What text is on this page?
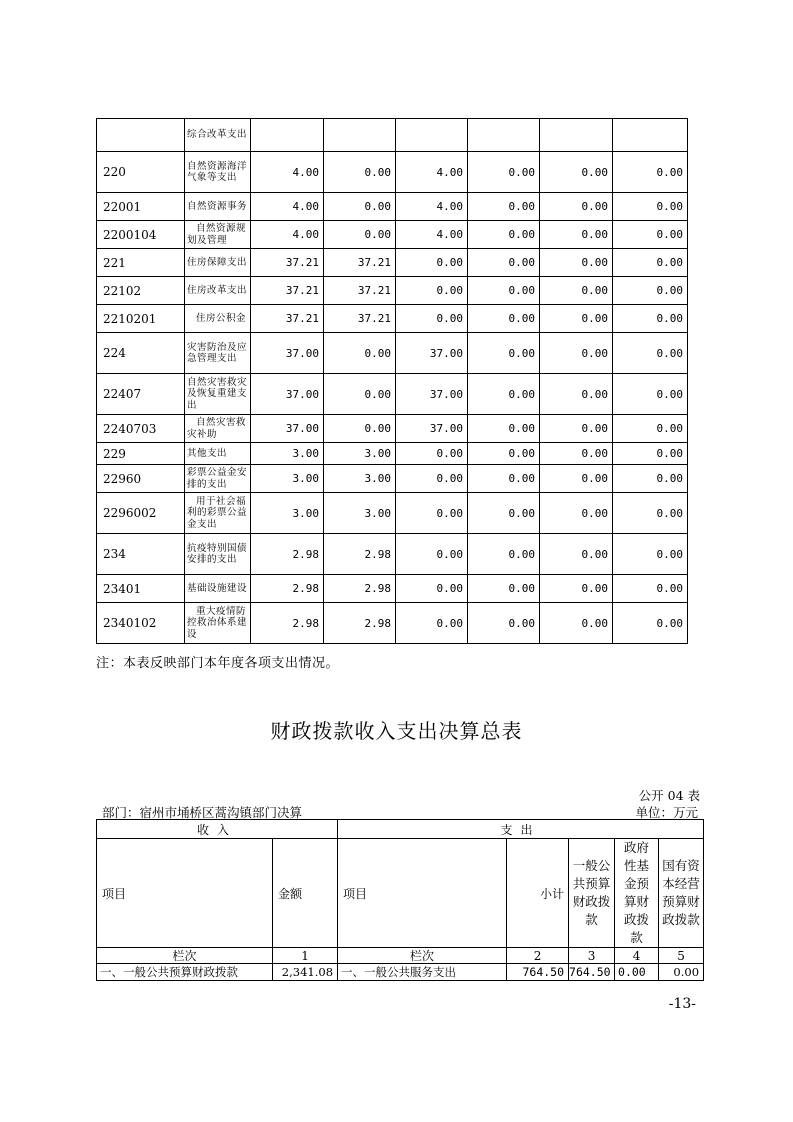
	综合改革支出						
220	自然资源海洋气象等支出	4.00	0.00	4.00	0.00	0.00	0.00
22001	自然资源事务	4.00	0.00	4.00	0.00	0.00	0.00
2200104	自然资源规划及管理	4.00	0.00	4.00	0.00	0.00	0.00
221	住房保障支出	37.21	37.21	0.00	0.00	0.00	0.00
22102	住房改革支出	37.21	37.21	0.00	0.00	0.00	0.00
2210201	住房公积金	37.21	37.21	0.00	0.00	0.00	0.00
224	灾害防治及应急管理支出	37.00	0.00	37.00	0.00	0.00	0.00
22407	自然灾害救灾及恢复重建支出	37.00	0.00	37.00	0.00	0.00	0.00
2240703	自然灾害救灾补助	37.00	0.00	37.00	0.00	0.00	0.00
229	其他支出	3.00	3.00	0.00	0.00	0.00	0.00
22960	彩票公益金安排的支出	3.00	3.00	0.00	0.00	0.00	0.00
2296002	用于社会福利的彩票公益金支出	3.00	3.00	0.00	0.00	0.00	0.00
234	抗疫特别国债安排的支出	2.98	2.98	0.00	0.00	0.00	0.00
23401	基础设施建设	2.98	2.98	0.00	0.00	0.00	0.00
2340102	重大疫情防控救治体系建设	2.98	2.98	0.00	0.00	0.00	0.00
注：本表反映部门本年度各项支出情况。
财政拨款收入支出决算总表
公开 04 表
部门：宿州市埇桥区蒿沟镇部门决算	单位：万元
收入		支出				
项目	金额	项目	小计	一般公共预算财政拨款	政府性基金预算财政拨款	国有资本经营预算财政拨款
栏次	1	栏次	2	3	4	5
一、一般公共预算财政拨款	2,341.08	一、一般公共服务支出	764.50	764.50	0.00	0.00
-13-
